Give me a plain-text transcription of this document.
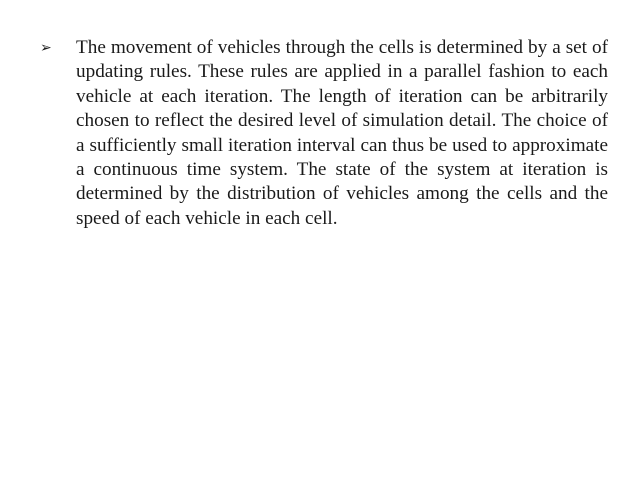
➢	The movement of vehicles through the cells is determined by a set of updating rules. These rules are applied in a parallel fashion to each vehicle at each iteration. The length of iteration can be arbitrarily chosen to reflect the desired level of simulation detail. The choice of a sufficiently small iteration interval can thus be used to approximate a continuous time system. The state of the system at iteration is determined by the distribution of vehicles among the cells and the speed of each vehicle in each cell.
